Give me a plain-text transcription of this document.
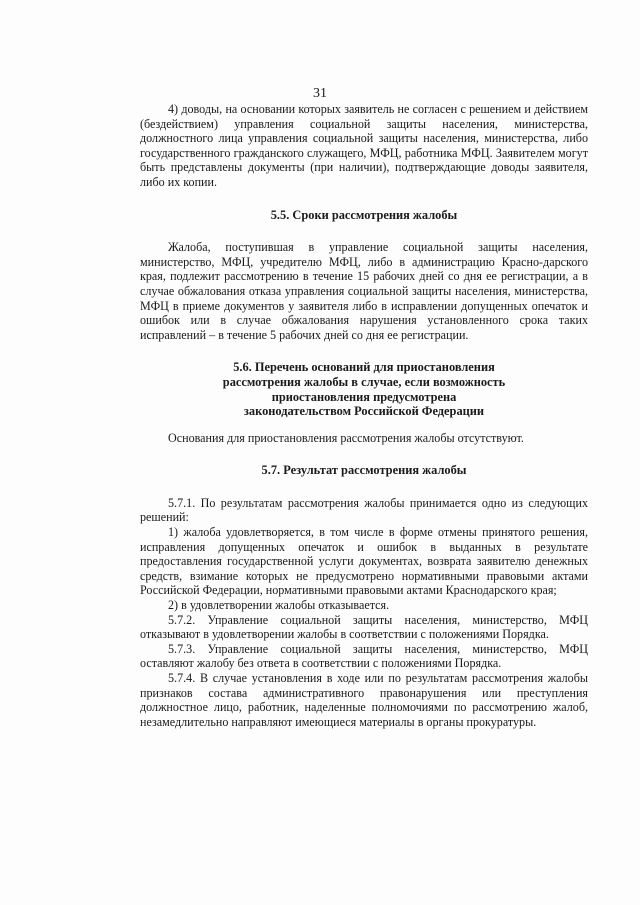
31

4) доводы, на основании которых заявитель не согласен с решением и действием (бездействием) управления социальной защиты населения, министерства, должностного лица управления социальной защиты населения, министерства, либо государственного гражданского служащего, МФЦ, работника МФЦ. Заявителем могут быть представлены документы (при наличии), подтверждающие доводы заявителя, либо их копии.

5.5. Сроки рассмотрения жалобы

Жалоба, поступившая в управление социальной защиты населения, министерство, МФЦ, учредителю МФЦ, либо в администрацию Красно-дарского края, подлежит рассмотрению в течение 15 рабочих дней со дня ее регистрации, а в случае обжалования отказа управления социальной защиты населения, министерства, МФЦ в приеме документов у заявителя либо в исправлении допущенных опечаток и ошибок или в случае обжалования нарушения установленного срока таких исправлений – в течение 5 рабочих дней со дня ее регистрации.

5.6. Перечень оснований для приостановления

рассмотрения жалобы в случае, если возможность

приостановления предусмотрена

законодательством Российской Федерации

Основания для приостановления рассмотрения жалобы отсутствуют.

5.7. Результат рассмотрения жалобы

5.7.1. По результатам рассмотрения жалобы принимается одно из следующих решений:

1) жалоба удовлетворяется, в том числе в форме отмены принятого решения, исправления допущенных опечаток и ошибок в выданных в результате предоставления государственной услуги документах, возврата заявителю денежных средств, взимание которых не предусмотрено нормативными правовыми актами Российской Федерации, нормативными правовыми актами Краснодарского края;

2) в удовлетворении жалобы отказывается.

5.7.2. Управление социальной защиты населения, министерство, МФЦ отказывают в удовлетворении жалобы в соответствии с положениями Порядка.

5.7.3. Управление социальной защиты населения, министерство, МФЦ оставляют жалобу без ответа в соответствии с положениями Порядка.

5.7.4. В случае установления в ходе или по результатам рассмотрения жалобы признаков состава административного правонарушения или преступления должностное лицо, работник, наделенные полномочиями по рассмотрению жалоб, незамедлительно направляют имеющиеся материалы в органы прокуратуры.
